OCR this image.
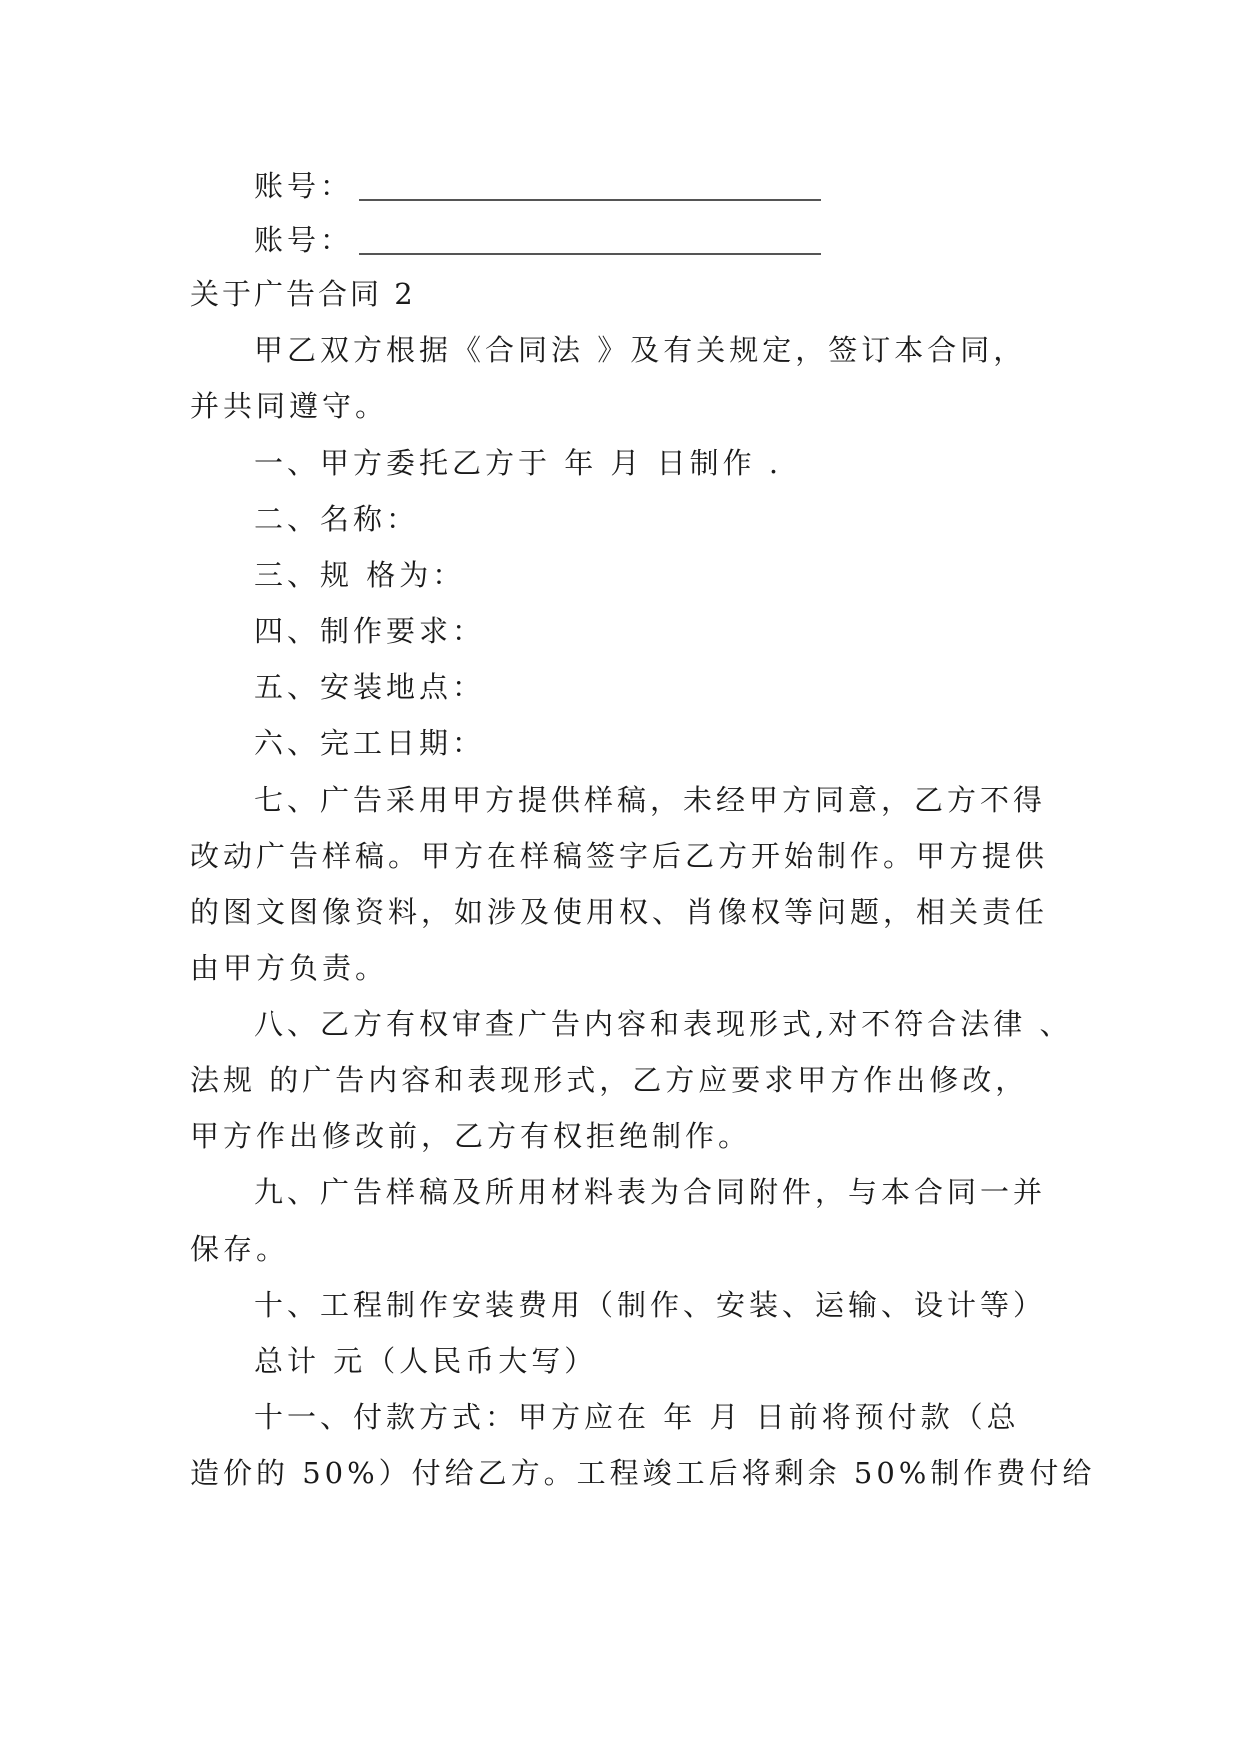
账号：
账号：
关于广告合同 2
甲乙双方根据《合同法 》及有关规定，签订本合同，
并共同遵守。
一、甲方委托乙方于 年 月 日制作 .
二、名称：
三、规 格为：
四、制作要求：
五、安装地点：
六、完工日期：
七、广告采用甲方提供样稿，未经甲方同意，乙方不得
改动广告样稿。甲方在样稿签字后乙方开始制作。甲方提供
的图文图像资料，如涉及使用权、肖像权等问题，相关责任
由甲方负责。
八、乙方有权审查广告内容和表现形式,对不符合法律 、
法规 的广告内容和表现形式，乙方应要求甲方作出修改，
甲方作出修改前，乙方有权拒绝制作。
九、广告样稿及所用材料表为合同附件，与本合同一并
保存。
十、工程制作安装费用（制作、安装、运输、设计等）
总计 元（人民币大写）
十一、付款方式：甲方应在 年 月 日前将预付款（总
造价的 50%）付给乙方。工程竣工后将剩余 50%制作费付给
